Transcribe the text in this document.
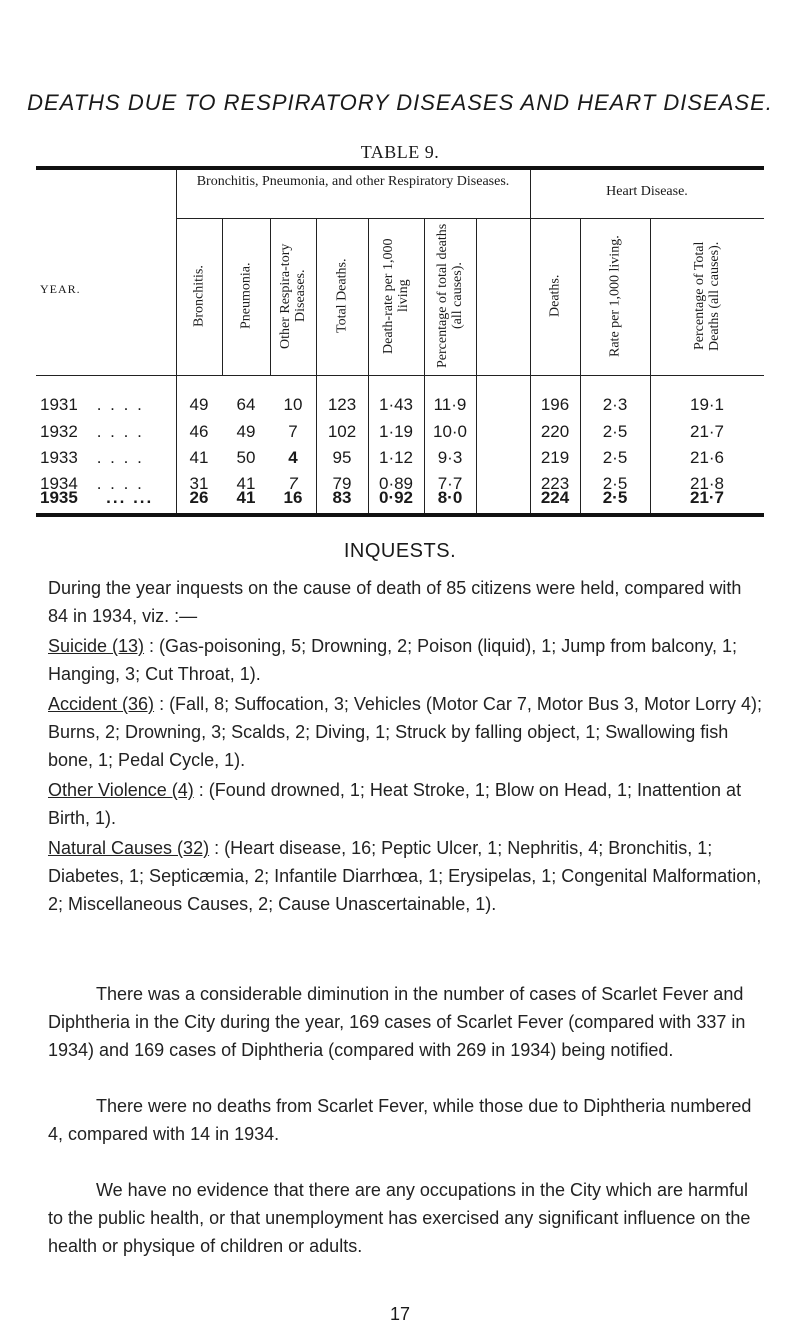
DEATHS DUE TO RESPIRATORY DISEASES AND HEART DISEASE.
TABLE 9.
YEAR.
Bronchitis, Pneumonia, and other Respiratory Diseases.
Heart Disease.
Bronchitis.	Pneumonia.	Other Respira-tory Diseases.	Total Deaths.	Death-rate per 1,000 living	Percentage of total deaths (all causes).	Deaths.	Rate per 1,000 living.	Percentage of Total Deaths (all causes).
1931 . . . .	49	64	10	123	1·43	11·9	196	2·3	19·1
1932 . . . .	46	49	7	102	1·19	10·0	220	2·5	21·7
1933 . . . .	41	50	4	95	1·12	9·3	219	2·5	21·6
1934 . . . .	31	41	7	79	0·89	7·7	223	2·5	21·8
1935 ... ...	26	41	16	83	0·92	8·0	224	2·5	21·7
INQUESTS.
During the year inquests on the cause of death of 85 citizens were held, compared with 84 in 1934, viz. :—
Suicide (13) : (Gas-poisoning, 5; Drowning, 2; Poison (liquid), 1; Jump from balcony, 1; Hanging, 3; Cut Throat, 1).
Accident (36) : (Fall, 8; Suffocation, 3; Vehicles (Motor Car 7, Motor Bus 3, Motor Lorry 4); Burns, 2; Drowning, 3; Scalds, 2; Diving, 1; Struck by falling object, 1; Swallowing fish bone, 1; Pedal Cycle, 1).
Other Violence (4) : (Found drowned, 1; Heat Stroke, 1; Blow on Head, 1; Inattention at Birth, 1).
Natural Causes (32) : (Heart disease, 16; Peptic Ulcer, 1; Nephritis, 4; Bronchitis, 1; Diabetes, 1; Septicæmia, 2; Infantile Diarrhœa, 1; Erysipelas, 1; Congenital Malformation, 2; Miscellaneous Causes, 2; Cause Unascertainable, 1).
There was a considerable diminution in the number of cases of Scarlet Fever and Diphtheria in the City during the year, 169 cases of Scarlet Fever (compared with 337 in 1934) and 169 cases of Diphtheria (compared with 269 in 1934) being notified.
There were no deaths from Scarlet Fever, while those due to Diphtheria numbered 4, compared with 14 in 1934.
We have no evidence that there are any occupations in the City which are harmful to the public health, or that unemployment has exercised any significant influence on the health or physique of children or adults.
17
